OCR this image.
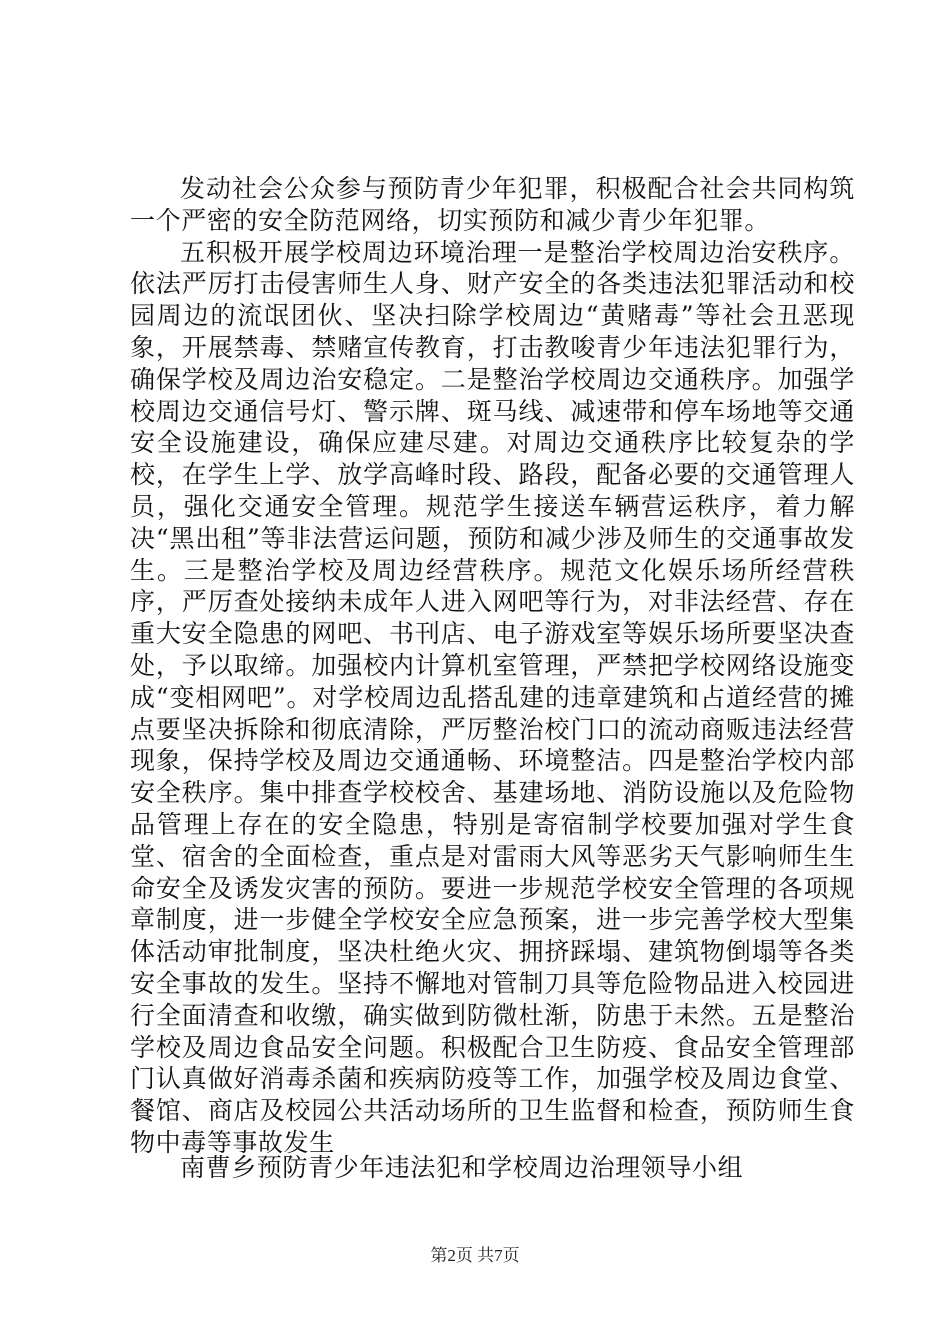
发动社会公众参与预防青少年犯罪，积极配合社会共同构筑一个严密的安全防范网络，切实预防和减少青少年犯罪。

五积极开展学校周边环境治理一是整治学校周边治安秩序。依法严厉打击侵害师生人身、财产安全的各类违法犯罪活动和校园周边的流氓团伙、坚决扫除学校周边“黄赌毒”等社会丑恶现象，开展禁毒、禁赌宣传教育，打击教唆青少年违法犯罪行为，确保学校及周边治安稳定。二是整治学校周边交通秩序。加强学校周边交通信号灯、警示牌、斑马线、减速带和停车场地等交通安全设施建设，确保应建尽建。对周边交通秩序比较复杂的学校，在学生上学、放学高峰时段、路段，配备必要的交通管理人员，强化交通安全管理。规范学生接送车辆营运秩序，着力解决“黑出租”等非法营运问题，预防和减少涉及师生的交通事故发生。三是整治学校及周边经营秩序。规范文化娱乐场所经营秩序，严厉查处接纳未成年人进入网吧等行为，对非法经营、存在重大安全隐患的网吧、书刊店、电子游戏室等娱乐场所要坚决查处，予以取缔。加强校内计算机室管理，严禁把学校网络设施变成“变相网吧”。对学校周边乱搭乱建的违章建筑和占道经营的摊点要坚决拆除和彻底清除，严厉整治校门口的流动商贩违法经营现象，保持学校及周边交通通畅、环境整洁。四是整治学校内部安全秩序。集中排查学校校舍、基建场地、消防设施以及危险物品管理上存在的安全隐患，特别是寄宿制学校要加强对学生食堂、宿舍的全面检查，重点是对雷雨大风等恶劣天气影响师生生命安全及诱发灾害的预防。要进一步规范学校安全管理的各项规章制度，进一步健全学校安全应急预案，进一步完善学校大型集体活动审批制度，坚决杜绝火灾、拥挤踩塌、建筑物倒塌等各类安全事故的发生。坚持不懈地对管制刀具等危险物品进入校园进行全面清查和收缴，确实做到防微杜渐，防患于未然。五是整治学校及周边食品安全问题。积极配合卫生防疫、食品安全管理部门认真做好消毒杀菌和疾病防疫等工作，加强学校及周边食堂、餐馆、商店及校园公共活动场所的卫生监督和检查，预防师生食物中毒等事故发生

南曹乡预防青少年违法犯和学校周边治理领导小组
第2页 共7页
